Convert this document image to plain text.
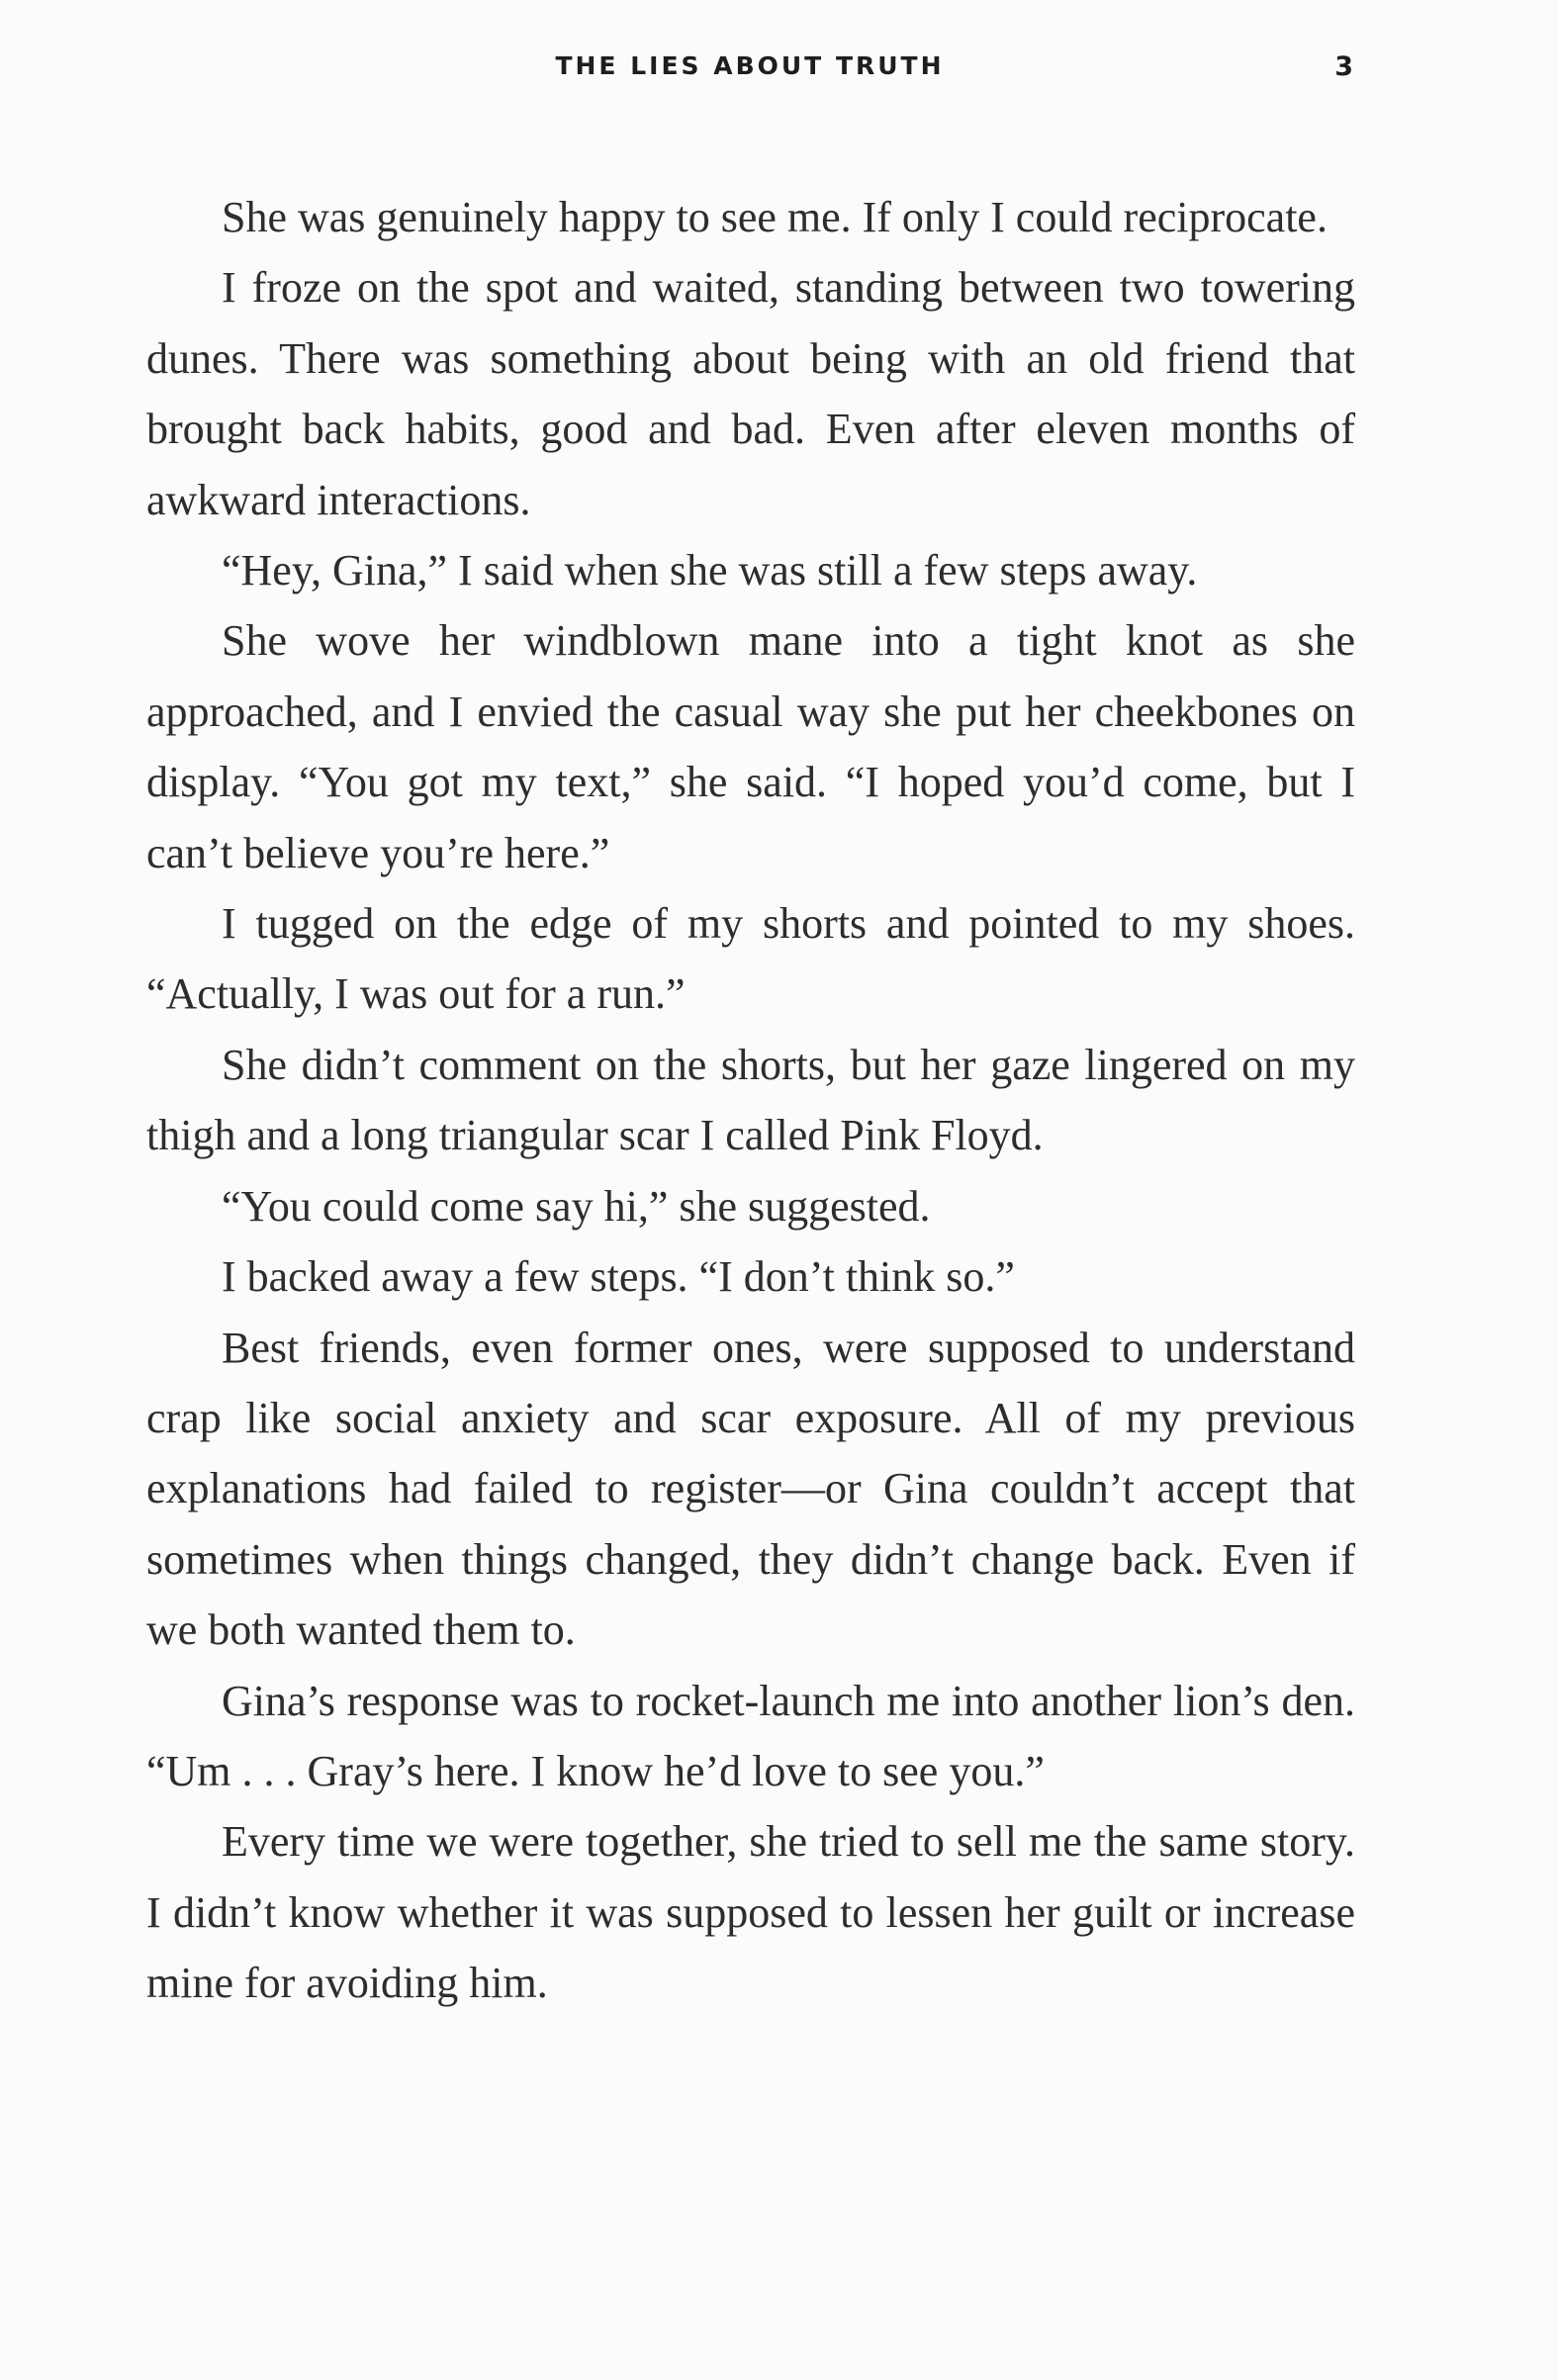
THE LIES ABOUT TRUTH	3

She was genuinely happy to see me. If only I could reciprocate.

I froze on the spot and waited, standing between two towering dunes. There was something about being with an old friend that brought back habits, good and bad. Even after eleven months of awkward interactions.

“Hey, Gina,” I said when she was still a few steps away.

She wove her windblown mane into a tight knot as she approached, and I envied the casual way she put her cheekbones on display. “You got my text,” she said. “I hoped you’d come, but I can’t believe you’re here.”

I tugged on the edge of my shorts and pointed to my shoes. “Actually, I was out for a run.”

She didn’t comment on the shorts, but her gaze lingered on my thigh and a long triangular scar I called Pink Floyd.

“You could come say hi,” she suggested.

I backed away a few steps. “I don’t think so.”

Best friends, even former ones, were supposed to understand crap like social anxiety and scar exposure. All of my previous explanations had failed to register—or Gina couldn’t accept that sometimes when things changed, they didn’t change back. Even if we both wanted them to.

Gina’s response was to rocket-launch me into another lion’s den. “Um . . . Gray’s here. I know he’d love to see you.”

Every time we were together, she tried to sell me the same story. I didn’t know whether it was supposed to lessen her guilt or increase mine for avoiding him.
